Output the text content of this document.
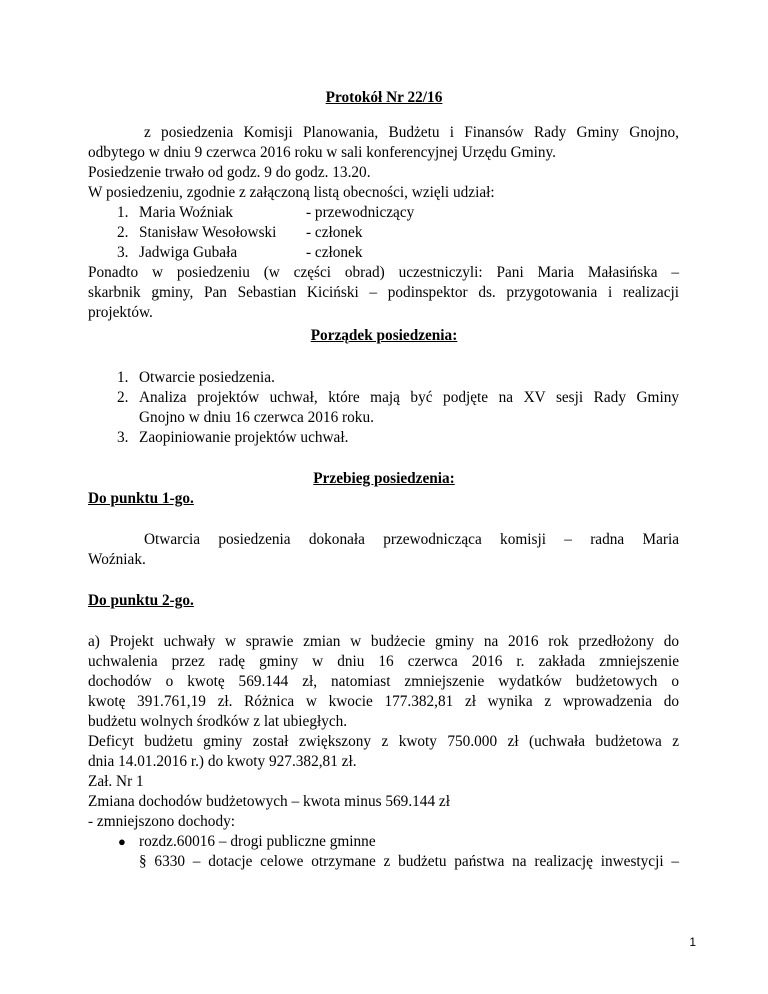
Protokół Nr 22/16
z posiedzenia Komisji Planowania, Budżetu i Finansów Rady Gminy Gnojno,
odbytego w dniu 9 czerwca 2016 roku w sali konferencyjnej Urzędu Gminy.
Posiedzenie trwało od godz. 9 do godz. 13.20.
W posiedzeniu, zgodnie z załączoną listą obecności, wzięli udział:
1. Maria Woźniak	- przewodniczący
2. Stanisław Wesołowski - członek
3. Jadwiga Gubała	- członek
Ponadto w posiedzeniu (w części obrad) uczestniczyli: Pani Maria Małasińska –
skarbnik gminy, Pan Sebastian Kiciński – podinspektor ds. przygotowania i realizacji
projektów.
Porządek posiedzenia:
1. Otwarcie posiedzenia.
2. Analiza projektów uchwał, które mają być podjęte na XV sesji Rady Gminy
Gnojno w dniu 16 czerwca 2016 roku.
3. Zaopiniowanie projektów uchwał.
Przebieg posiedzenia:
Do punktu 1-go.
Otwarcia posiedzenia dokonała przewodnicząca komisji – radna Maria
Woźniak.
Do punktu 2-go.
a) Projekt uchwały w sprawie zmian w budżecie gminy na 2016 rok przedłożony do
uchwalenia przez radę gminy w dniu 16 czerwca 2016 r. zakłada zmniejszenie
dochodów o kwotę 569.144 zł, natomiast zmniejszenie wydatków budżetowych o
kwotę 391.761,19 zł. Różnica w kwocie 177.382,81 zł wynika z wprowadzenia do
budżetu wolnych środków z lat ubiegłych.
Deficyt budżetu gminy został zwiększony z kwoty 750.000 zł (uchwała budżetowa z
dnia 14.01.2016 r.) do kwoty 927.382,81 zł.
Zał. Nr 1
Zmiana dochodów budżetowych – kwota minus 569.144 zł
- zmniejszono dochody:
● rozdz.60016 – drogi publiczne gminne
§ 6330 – dotacje celowe otrzymane z budżetu państwa na realizację inwestycji –
1
